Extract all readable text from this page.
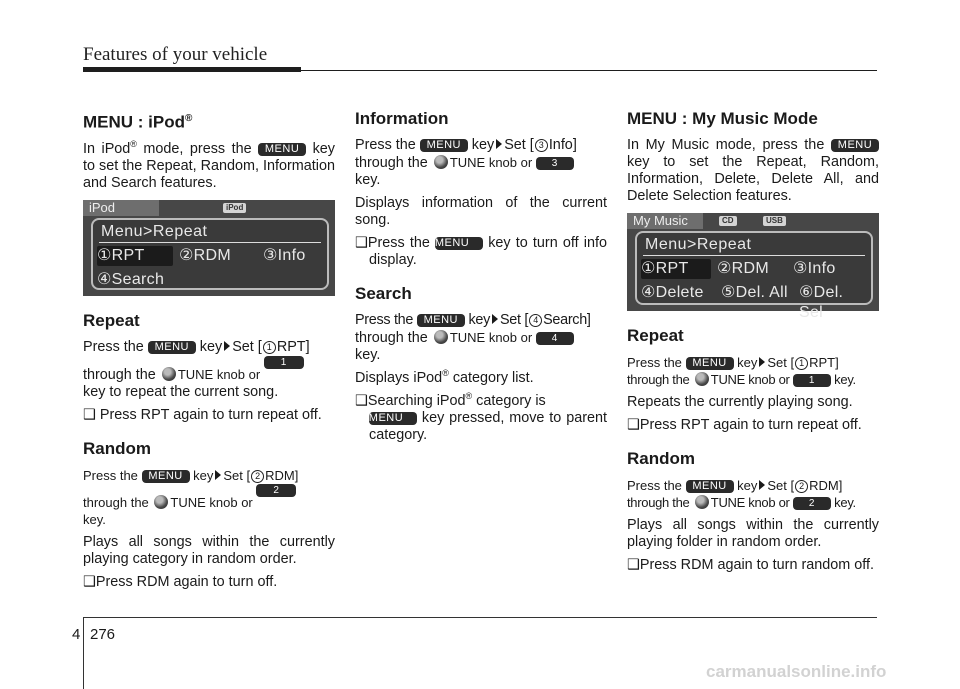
Features of your vehicle
MENU : iPod®

In iPod® mode, press the MENU key to set the Repeat, Random, Information and Search features.

iPod	iPod
Menu>Repeat
①RPT	②RDM ③Info
④Search
Repeat

Press the MENU key Set [ 1 RPT]
through the TUNE knob or 1 RPT
key to repeat the current song.

❑ Press RPT again to turn repeat off.

Random

Press the MENU key Set [ 2 RDM]
through the TUNE knob or 2 RDM
key.

Plays all songs within the currently playing category in random order.

❑Press RDM again to turn off.

Information

Press the MENU key Set [ 3 Info]
through the TUNE knob or 3
key.

Displays information of the current song.

❑Press the MENU key to turn off info display.

Search

Press the MENU key Set [ 4 Search]
through the TUNE knob or 4
key.

Displays iPod® category list.

❑Searching iPod® category is
MENU key pressed, move to parent category.

MENU : My Music Mode

In My Music mode, press the MENU key to set the Repeat, Random, Information, Delete, Delete All, and Delete Selection features.

My Music	CD	USB
Menu>Repeat
①RPT	②RDM ③Info
④Delete ⑤Del. All ⑥Del. Sel
Repeat

Press the MENU key Set [ 1 RPT]
through the TUNE knob or 1 key.

Repeats the currently playing song.

❑Press RPT again to turn repeat off.

Random

Press the MENU key Set [ 2 RDM]
through the TUNE knob or 2 key.

Plays all songs within the currently playing folder in random order.

❑Press RDM again to turn random off.

4 276
carmanualsonline.info
